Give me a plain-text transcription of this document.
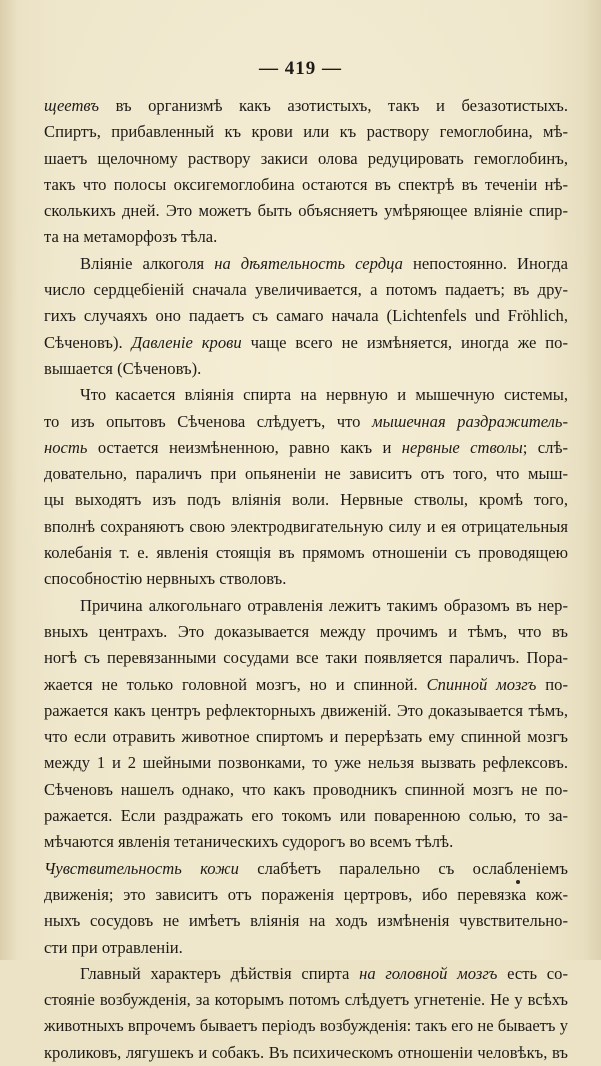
— 419 —
щеетвъ въ организмѣ какъ азотистыхъ, такъ и безазотистыхъ.
Спиртъ, прибавленный къ крови или къ раствору гемоглобина, мѣ-
шаетъ щелочному раствору закиси олова редуцировать гемоглобинъ,
такъ что полосы оксигемоглобина остаются въ спектрѣ въ теченіи нѣ-
сколькихъ дней. Это можетъ быть объясняетъ умѣряющее вліяніе спир-
та на метаморфозъ тѣла.
Вліяніе алкоголя на дѣятельность сердца непостоянно. Иногда
число сердцебіеній сначала увеличивается, а потомъ падаетъ; въ дру-
гихъ случаяхъ оно падаетъ съ самаго начала (Lichtenfels und Fröhlich,
Сѣченовъ). Давленіе крови чаще всего не измѣняется, иногда же по-
вышается (Сѣченовъ).
Что касается вліянія спирта на нервную и мышечную системы,
то изъ опытовъ Сѣченова слѣдуетъ, что мышечная раздражитель-
ность остается неизмѣненною, равно какъ и нервные стволы; слѣ-
довательно, параличъ при опьяненіи не зависитъ отъ того, что мыш-
цы выходятъ изъ подъ вліянія воли. Нервные стволы, кромѣ того,
вполнѣ сохраняютъ свою электродвигательную силу и ея отрицательныя
колебанія т. е. явленія стоящія въ прямомъ отношеніи съ проводящею
способностію нервныхъ стволовъ.
Причина алкогольнаго отравленія лежитъ такимъ образомъ въ нер-
вныхъ центрахъ. Это доказывается между прочимъ и тѣмъ, что въ
ногѣ съ перевязанными сосудами все таки появляется параличъ. Пора-
жается не только головной мозгъ, но и спинной. Спинной мозгъ по-
ражается какъ центръ рефлекторныхъ движеній. Это доказывается тѣмъ,
что если отравить животное спиртомъ и перерѣзать ему спинной мозгъ
между 1 и 2 шейными позвонками, то уже нельзя вызвать рефлексовъ.
Сѣченовъ нашелъ однако, что какъ проводникъ спинной мозгъ не по-
ражается. Если раздражать его токомъ или поваренною солью, то за-
мѣчаются явленія тетаническихъ судорогъ во всемъ тѣлѣ.
Чувствительность кожи слабѣетъ паралельно съ ослабленіемъ
движенія; это зависитъ отъ пораженія цертровъ, ибо перевязка кож-
ныхъ сосудовъ не имѣетъ вліянія на ходъ измѣненія чувствительно-
сти при отравленіи.
Главный характеръ дѣйствія спирта на головной мозгъ есть со-
стояніе возбужденія, за которымъ потомъ слѣдуетъ угнетеніе. Не у всѣхъ
животныхъ впрочемъ бываетъ періодъ возбужденія: такъ его не бываетъ у
кроликовъ, лягушекъ и собакъ. Въ психическомъ отношеніи человѣкъ, въ
